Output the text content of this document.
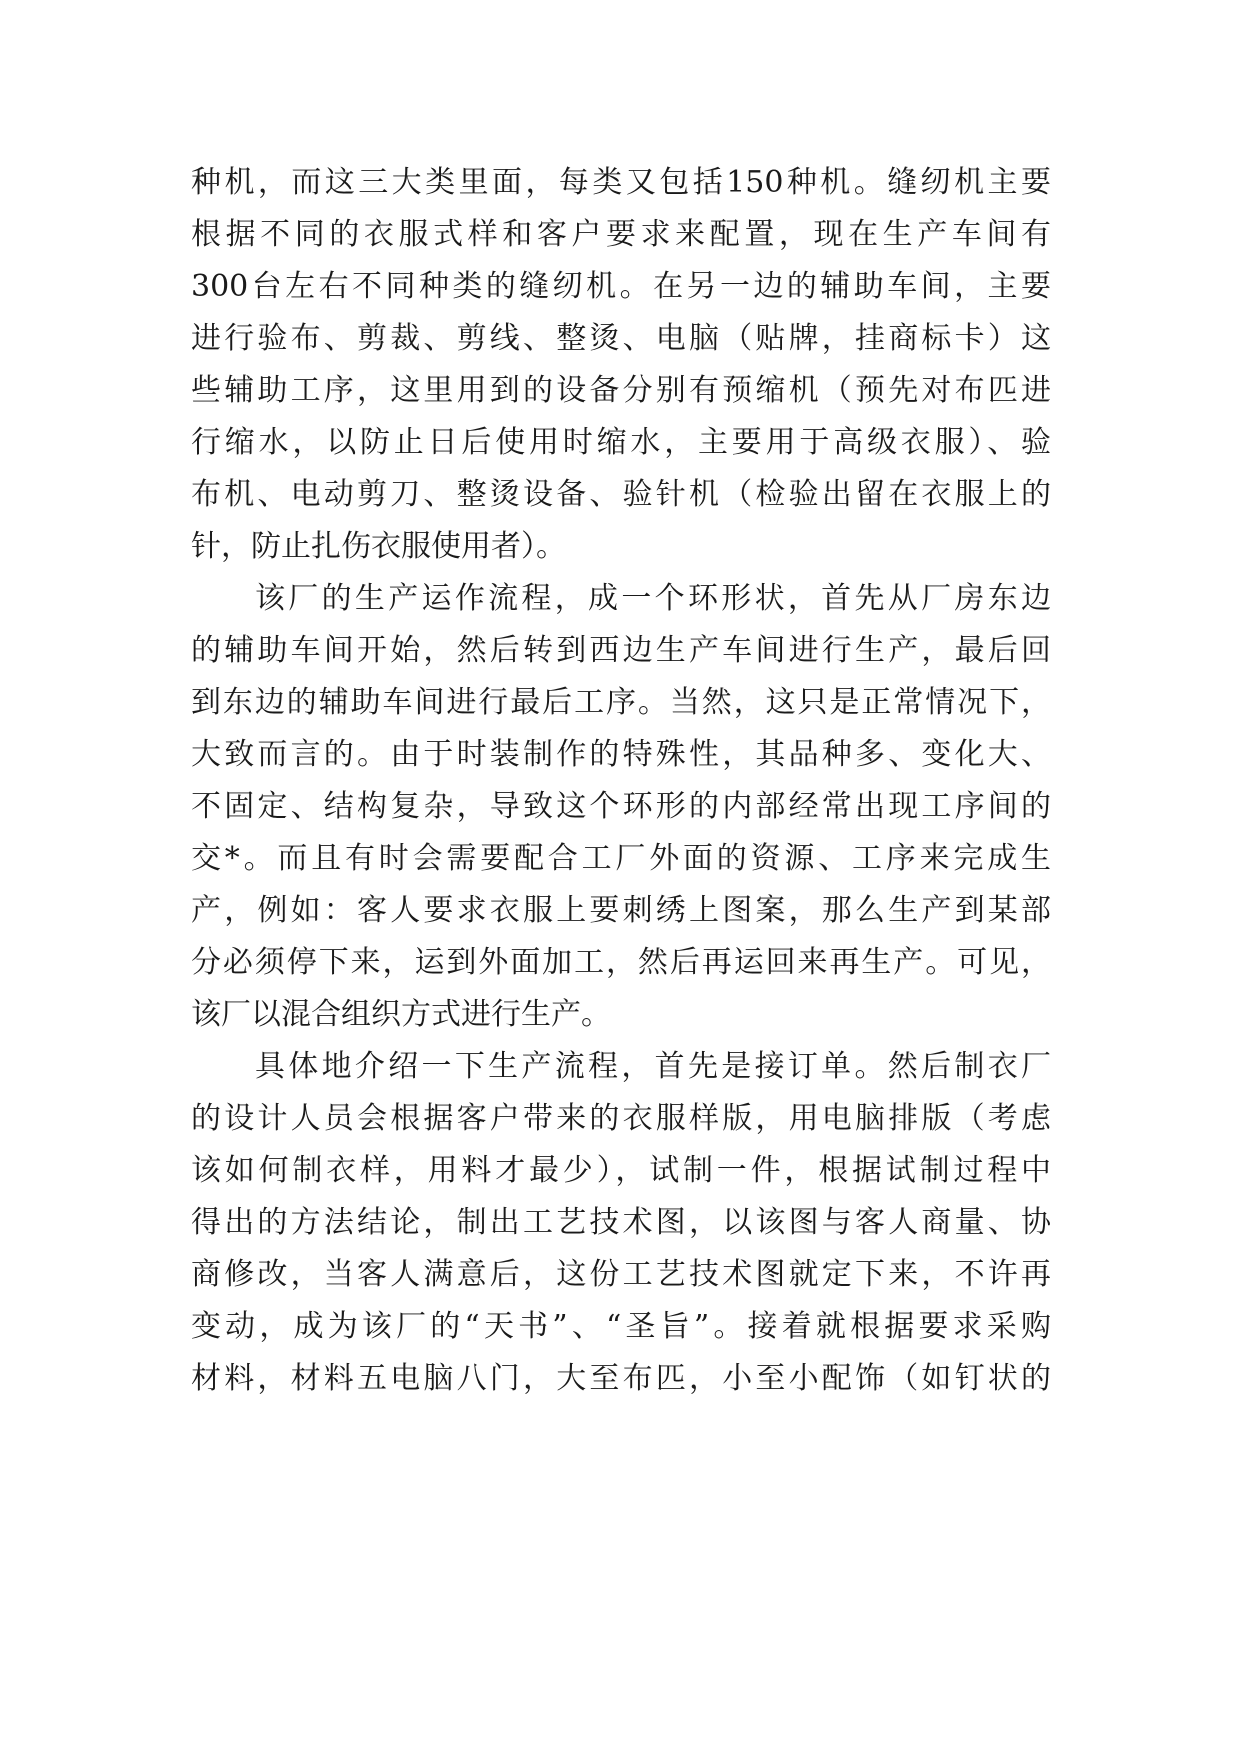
种机，而这三大类里面，每类又包括150种机。缝纫机主要
根据不同的衣服式样和客户要求来配置，现在生产车间有
300台左右不同种类的缝纫机。在另一边的辅助车间，主要
进行验布、剪裁、剪线、整烫、电脑（贴牌，挂商标卡）这
些辅助工序，这里用到的设备分别有预缩机（预先对布匹进
行缩水，以防止日后使用时缩水，主要用于高级衣服）、验
布机、电动剪刀、整烫设备、验针机（检验出留在衣服上的
针，防止扎伤衣服使用者）。
该厂的生产运作流程，成一个环形状，首先从厂房东边
的辅助车间开始，然后转到西边生产车间进行生产，最后回
到东边的辅助车间进行最后工序。当然，这只是正常情况下，
大致而言的。由于时装制作的特殊性，其品种多、变化大、
不固定、结构复杂，导致这个环形的内部经常出现工序间的
交*。而且有时会需要配合工厂外面的资源、工序来完成生
产，例如：客人要求衣服上要刺绣上图案，那么生产到某部
分必须停下来，运到外面加工，然后再运回来再生产。可见，
该厂以混合组织方式进行生产。
具体地介绍一下生产流程，首先是接订单。然后制衣厂
的设计人员会根据客户带来的衣服样版，用电脑排版（考虑
该如何制衣样，用料才最少），试制一件，根据试制过程中
得出的方法结论，制出工艺技术图，以该图与客人商量、协
商修改，当客人满意后，这份工艺技术图就定下来，不许再
变动，成为该厂的“天书”、“圣旨”。接着就根据要求采购
材料，材料五电脑八门，大至布匹，小至小配饰（如钉状的
